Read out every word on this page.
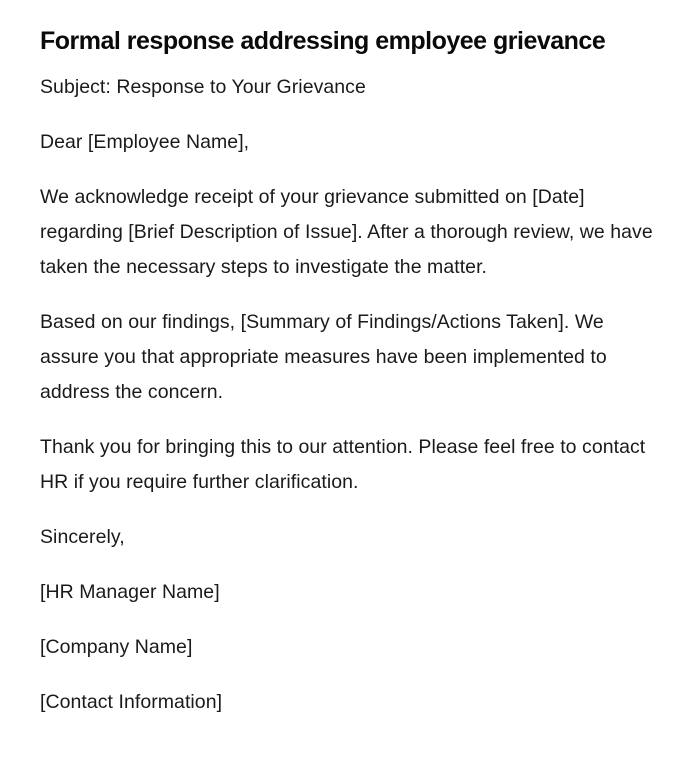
Formal response addressing employee grievance

Subject: Response to Your Grievance

Dear [Employee Name],

We acknowledge receipt of your grievance submitted on [Date] regarding [Brief Description of Issue]. After a thorough review, we have taken the necessary steps to investigate the matter.

Based on our findings, [Summary of Findings/Actions Taken]. We assure you that appropriate measures have been implemented to address the concern.

Thank you for bringing this to our attention. Please feel free to contact HR if you require further clarification.

Sincerely,

[HR Manager Name]

[Company Name]

[Contact Information]
